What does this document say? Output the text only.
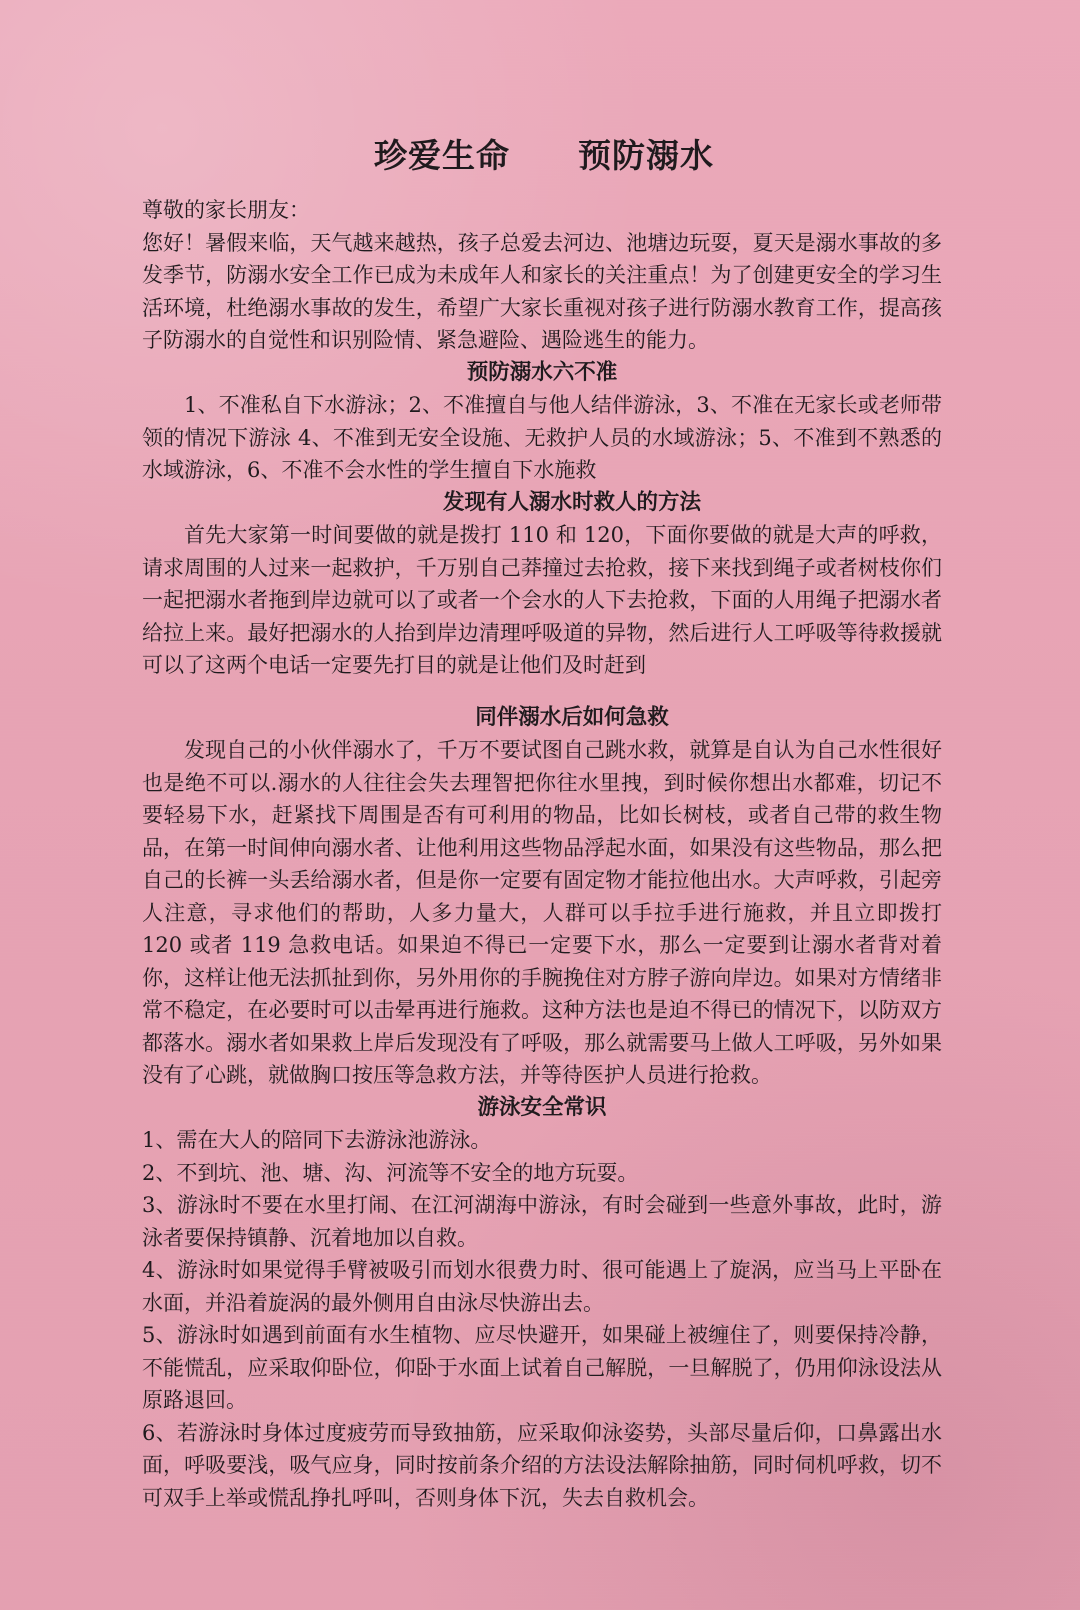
珍爱生命　　预防溺水

尊敬的家长朋友：

您好！暑假来临，天气越来越热，孩子总爱去河边、池塘边玩耍，夏天是溺水事故的多发季节，防溺水安全工作已成为未成年人和家长的关注重点！为了创建更安全的学习生活环境，杜绝溺水事故的发生，希望广大家长重视对孩子进行防溺水教育工作，提高孩子防溺水的自觉性和识别险情、紧急避险、遇险逃生的能力。

预防溺水六不准

1、不准私自下水游泳；2、不准擅自与他人结伴游泳，3、不准在无家长或老师带领的情况下游泳 4、不准到无安全设施、无救护人员的水域游泳；5、不准到不熟悉的水域游泳，6、不准不会水性的学生擅自下水施救

发现有人溺水时救人的方法

首先大家第一时间要做的就是拨打 110 和 120，下面你要做的就是大声的呼救，请求周围的人过来一起救护，千万别自己莽撞过去抢救，接下来找到绳子或者树枝你们一起把溺水者拖到岸边就可以了或者一个会水的人下去抢救，下面的人用绳子把溺水者给拉上来。最好把溺水的人抬到岸边清理呼吸道的异物，然后进行人工呼吸等待救援就可以了这两个电话一定要先打目的就是让他们及时赶到

同伴溺水后如何急救

发现自己的小伙伴溺水了，千万不要试图自己跳水救，就算是自认为自己水性很好也是绝不可以.溺水的人往往会失去理智把你往水里拽，到时候你想出水都难，切记不要轻易下水，赶紧找下周围是否有可利用的物品，比如长树枝，或者自己带的救生物品，在第一时间伸向溺水者、让他利用这些物品浮起水面，如果没有这些物品，那么把自己的长裤一头丢给溺水者，但是你一定要有固定物才能拉他出水。大声呼救，引起旁人注意，寻求他们的帮助，人多力量大，人群可以手拉手进行施救，并且立即拨打 120 或者 119 急救电话。如果迫不得已一定要下水，那么一定要到让溺水者背对着你，这样让他无法抓扯到你，另外用你的手腕挽住对方脖子游向岸边。如果对方情绪非常不稳定，在必要时可以击晕再进行施救。这种方法也是迫不得已的情况下，以防双方都落水。溺水者如果救上岸后发现没有了呼吸，那么就需要马上做人工呼吸，另外如果没有了心跳，就做胸口按压等急救方法，并等待医护人员进行抢救。

游泳安全常识

1、需在大人的陪同下去游泳池游泳。

2、不到坑、池、塘、沟、河流等不安全的地方玩耍。

3、游泳时不要在水里打闹、在江河湖海中游泳，有时会碰到一些意外事故，此时，游泳者要保持镇静、沉着地加以自救。

4、游泳时如果觉得手臂被吸引而划水很费力时、很可能遇上了旋涡，应当马上平卧在水面，并沿着旋涡的最外侧用自由泳尽快游出去。

5、游泳时如遇到前面有水生植物、应尽快避开，如果碰上被缠住了，则要保持冷静，不能慌乱，应采取仰卧位，仰卧于水面上试着自己解脱，一旦解脱了，仍用仰泳设法从原路退回。

6、若游泳时身体过度疲劳而导致抽筋，应采取仰泳姿势，头部尽量后仰，口鼻露出水面，呼吸要浅，吸气应身，同时按前条介绍的方法设法解除抽筋，同时伺机呼救，切不可双手上举或慌乱挣扎呼叫，否则身体下沉，失去自救机会。
